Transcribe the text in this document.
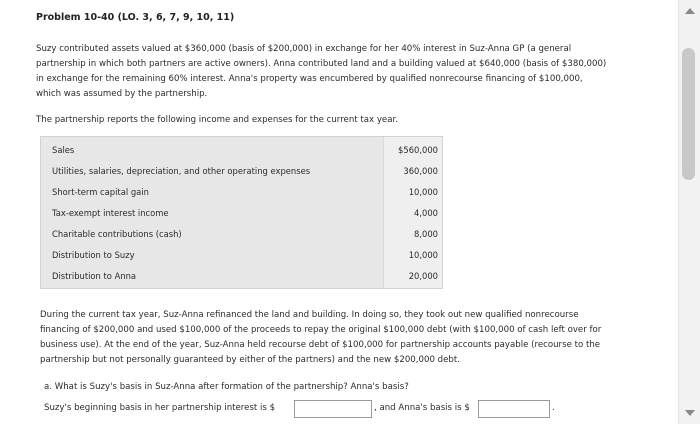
Problem 10-40 (LO. 3, 6, 7, 9, 10, 11)
Suzy contributed assets valued at $360,000 (basis of $200,000) in exchange for her 40% interest in Suz-Anna GP (a general
partnership in which both partners are active owners). Anna contributed land and a building valued at $640,000 (basis of $380,000)
in exchange for the remaining 60% interest. Anna's property was encumbered by qualified nonrecourse financing of $100,000,
which was assumed by the partnership.
The partnership reports the following income and expenses for the current tax year.
Sales	$560,000
Utilities, salaries, depreciation, and other operating expenses	360,000
Short-term capital gain	10,000
Tax-exempt interest income	4,000
Charitable contributions (cash)	8,000
Distribution to Suzy	10,000
Distribution to Anna	20,000
During the current tax year, Suz-Anna refinanced the land and building. In doing so, they took out new qualified nonrecourse
financing of $200,000 and used $100,000 of the proceeds to repay the original $100,000 debt (with $100,000 of cash left over for
business use). At the end of the year, Suz-Anna held recourse debt of $100,000 for partnership accounts payable (recourse to the
partnership but not personally guaranteed by either of the partners) and the new $200,000 debt.
a. What is Suzy's basis in Suz-Anna after formation of the partnership? Anna's basis?
Suzy's beginning basis in her partnership interest is $	, and Anna's basis is $	.
